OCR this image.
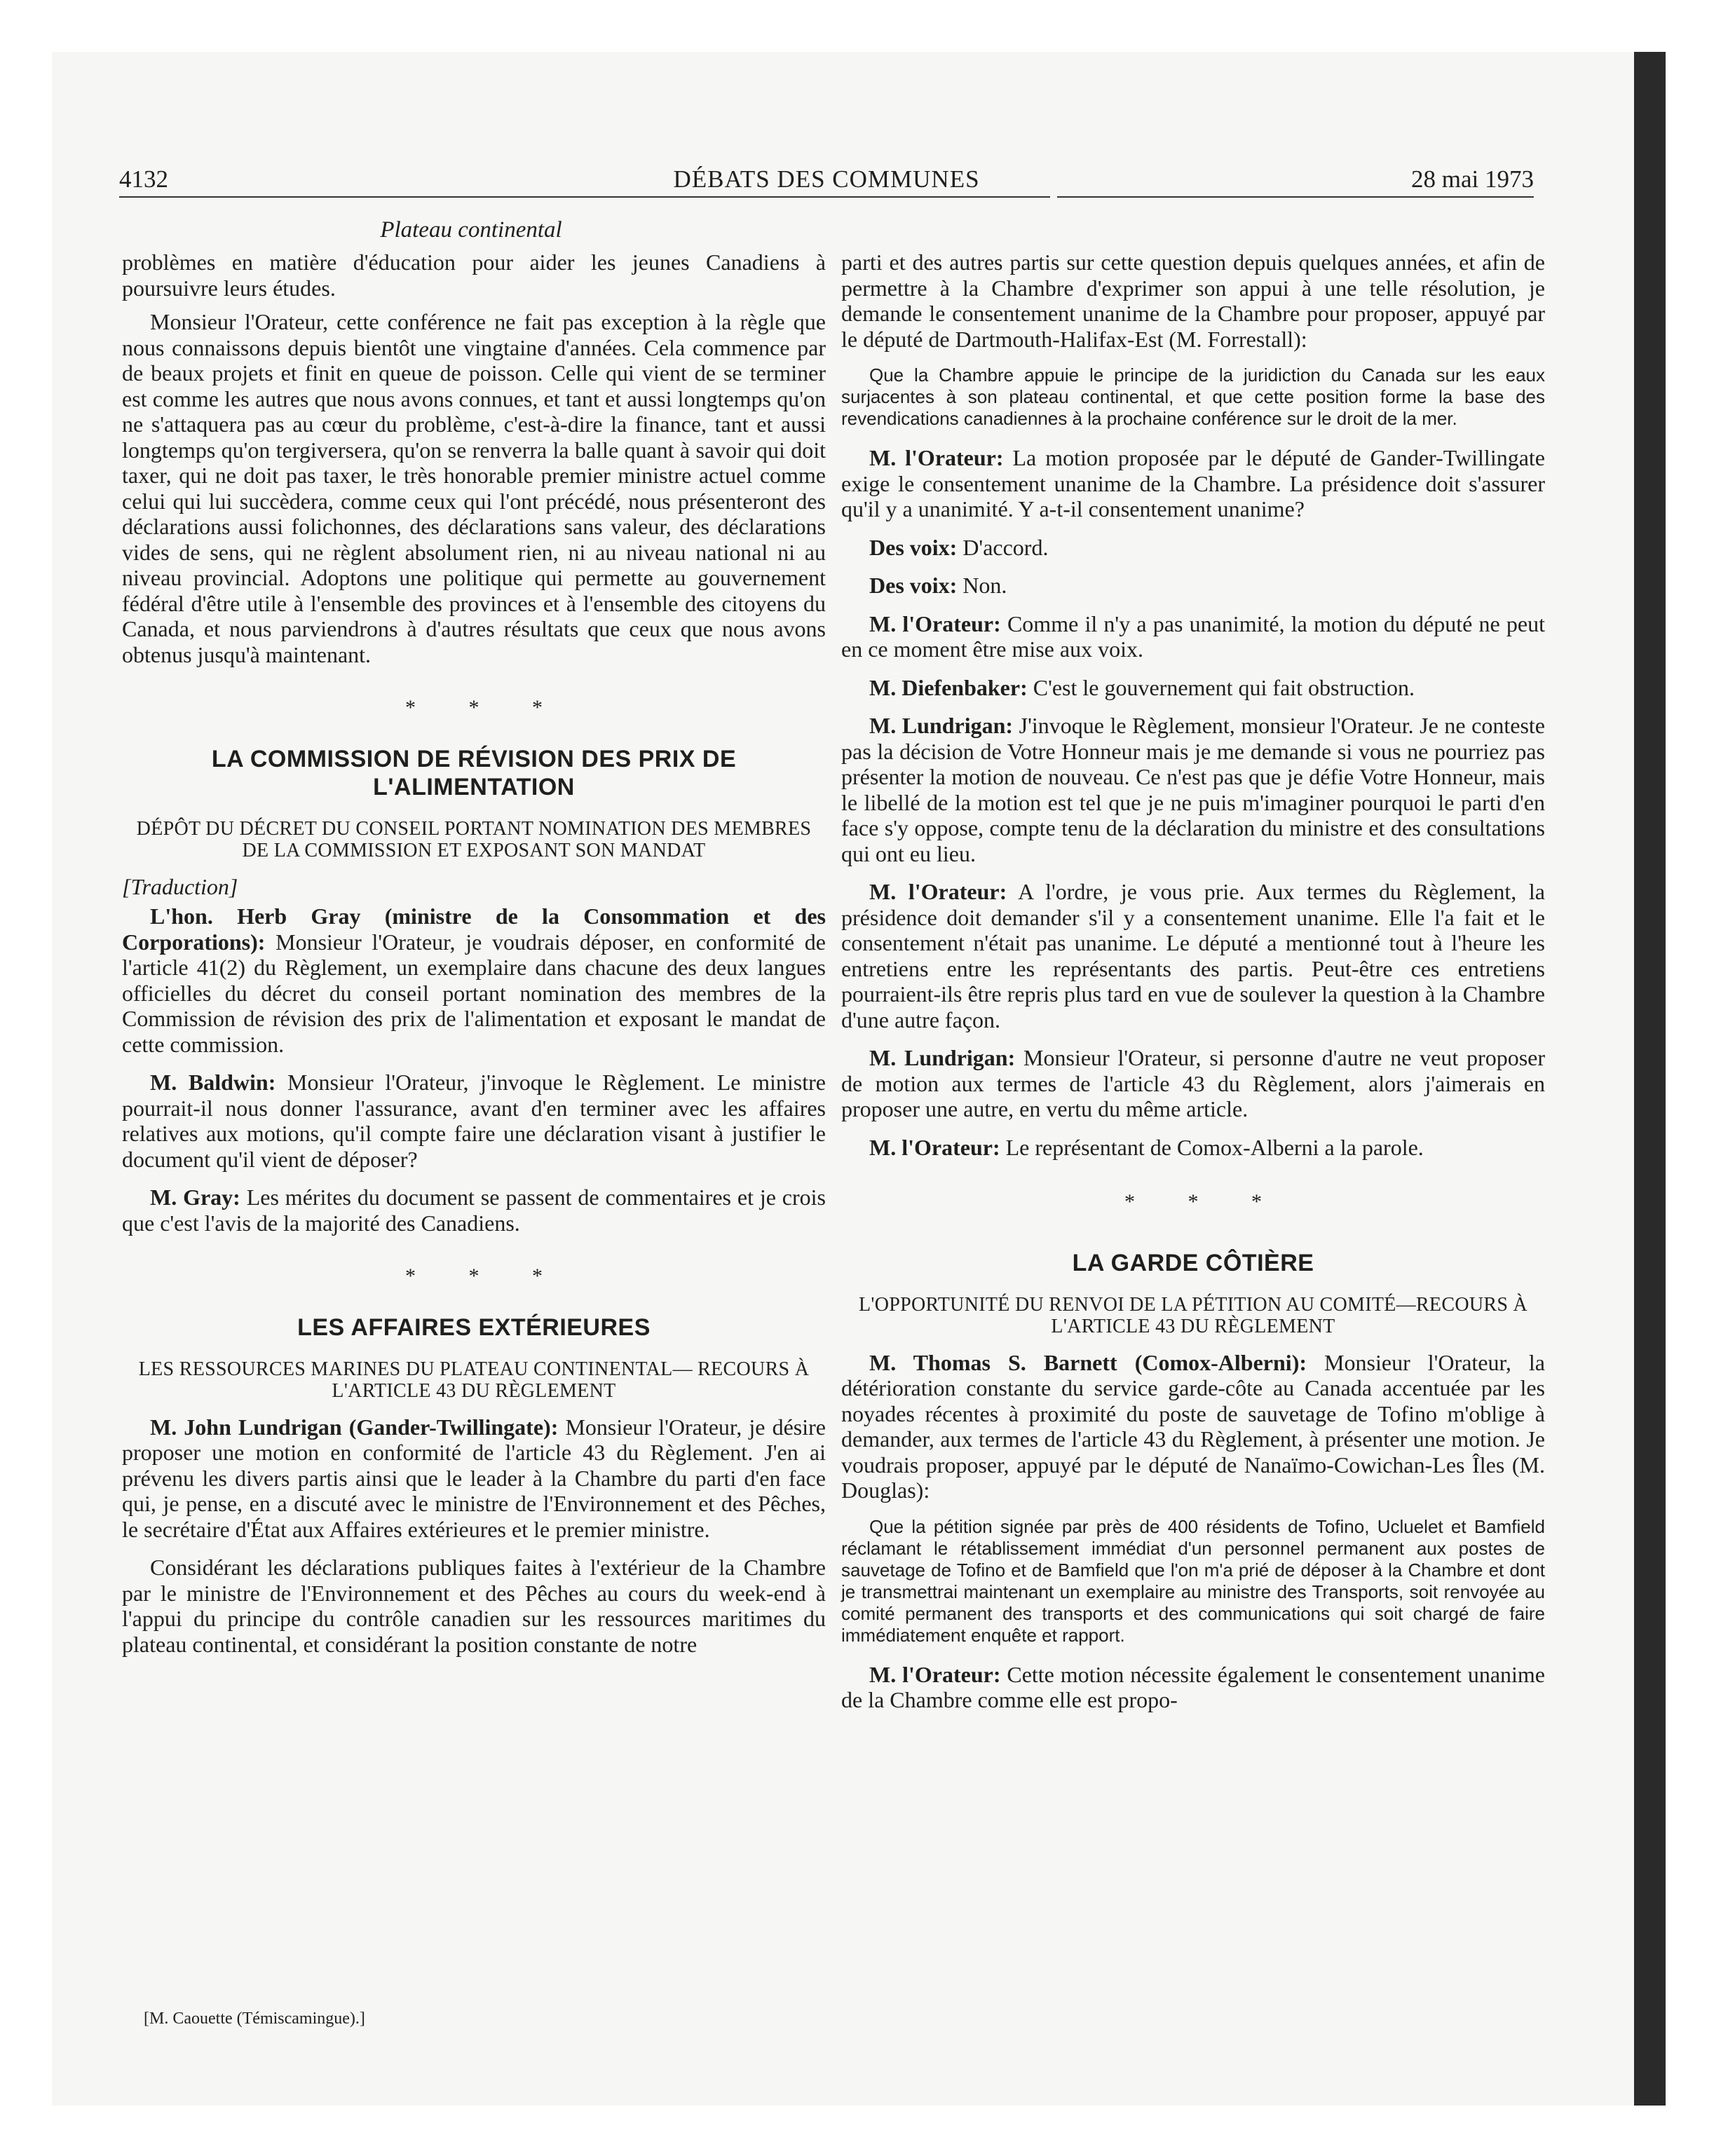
4132	DÉBATS DES COMMUNES	28 mai 1973
Plateau continental

problèmes en matière d'éducation pour aider les jeunes Canadiens à poursuivre leurs études.

Monsieur l'Orateur, cette conférence ne fait pas exception à la règle que nous connaissons depuis bientôt une vingtaine d'années. Cela commence par de beaux projets et finit en queue de poisson. Celle qui vient de se terminer est comme les autres que nous avons connues, et tant et aussi longtemps qu'on ne s'attaquera pas au cœur du problème, c'est-à-dire la finance, tant et aussi longtemps qu'on tergiversera, qu'on se renverra la balle quant à savoir qui doit taxer, qui ne doit pas taxer, le très honorable premier ministre actuel comme celui qui lui succèdera, comme ceux qui l'ont précédé, nous présenteront des déclarations aussi folichonnes, des déclarations sans valeur, des déclarations vides de sens, qui ne règlent absolument rien, ni au niveau national ni au niveau provincial. Adoptons une politique qui permette au gouvernement fédéral d'être utile à l'ensemble des provinces et à l'ensemble des citoyens du Canada, et nous parviendrons à d'autres résultats que ceux que nous avons obtenus jusqu'à maintenant.

* * *
LA COMMISSION DE RÉVISION DES PRIX DE L'ALIMENTATION
DÉPÔT DU DÉCRET DU CONSEIL PORTANT NOMINATION DES MEMBRES DE LA COMMISSION ET EXPOSANT SON MANDAT
[Traduction]

L'hon. Herb Gray (ministre de la Consommation et des Corporations): Monsieur l'Orateur, je voudrais déposer, en conformité de l'article 41(2) du Règlement, un exemplaire dans chacune des deux langues officielles du décret du conseil portant nomination des membres de la Commission de révision des prix de l'alimentation et exposant le mandat de cette commission.

M. Baldwin: Monsieur l'Orateur, j'invoque le Règlement. Le ministre pourrait-il nous donner l'assurance, avant d'en terminer avec les affaires relatives aux motions, qu'il compte faire une déclaration visant à justifier le document qu'il vient de déposer?

M. Gray: Les mérites du document se passent de commentaires et je crois que c'est l'avis de la majorité des Canadiens.

* * *
LES AFFAIRES EXTÉRIEURES
LES RESSOURCES MARINES DU PLATEAU CONTINENTAL— RECOURS À L'ARTICLE 43 DU RÈGLEMENT

M. John Lundrigan (Gander-Twillingate): Monsieur l'Orateur, je désire proposer une motion en conformité de l'article 43 du Règlement. J'en ai prévenu les divers partis ainsi que le leader à la Chambre du parti d'en face qui, je pense, en a discuté avec le ministre de l'Environnement et des Pêches, le secrétaire d'État aux Affaires extérieures et le premier ministre.

Considérant les déclarations publiques faites à l'extérieur de la Chambre par le ministre de l'Environnement et des Pêches au cours du week-end à l'appui du principe du contrôle canadien sur les ressources maritimes du plateau continental, et considérant la position constante de notre

parti et des autres partis sur cette question depuis quelques années, et afin de permettre à la Chambre d'exprimer son appui à une telle résolution, je demande le consentement unanime de la Chambre pour proposer, appuyé par le député de Dartmouth-Halifax-Est (M. Forrestall):

Que la Chambre appuie le principe de la juridiction du Canada sur les eaux surjacentes à son plateau continental, et que cette position forme la base des revendications canadiennes à la prochaine conférence sur le droit de la mer.

M. l'Orateur: La motion proposée par le député de Gander-Twillingate exige le consentement unanime de la Chambre. La présidence doit s'assurer qu'il y a unanimité. Y a-t-il consentement unanime?

Des voix: D'accord.

Des voix: Non.

M. l'Orateur: Comme il n'y a pas unanimité, la motion du député ne peut en ce moment être mise aux voix.

M. Diefenbaker: C'est le gouvernement qui fait obstruction.

M. Lundrigan: J'invoque le Règlement, monsieur l'Orateur. Je ne conteste pas la décision de Votre Honneur mais je me demande si vous ne pourriez pas présenter la motion de nouveau. Ce n'est pas que je défie Votre Honneur, mais le libellé de la motion est tel que je ne puis m'imaginer pourquoi le parti d'en face s'y oppose, compte tenu de la déclaration du ministre et des consultations qui ont eu lieu.

M. l'Orateur: A l'ordre, je vous prie. Aux termes du Règlement, la présidence doit demander s'il y a consentement unanime. Elle l'a fait et le consentement n'était pas unanime. Le député a mentionné tout à l'heure les entretiens entre les représentants des partis. Peut-être ces entretiens pourraient-ils être repris plus tard en vue de soulever la question à la Chambre d'une autre façon.

M. Lundrigan: Monsieur l'Orateur, si personne d'autre ne veut proposer de motion aux termes de l'article 43 du Règlement, alors j'aimerais en proposer une autre, en vertu du même article.

M. l'Orateur: Le représentant de Comox-Alberni a la parole.

* * *
LA GARDE CÔTIÈRE
L'OPPORTUNITÉ DU RENVOI DE LA PÉTITION AU COMITÉ—RECOURS À L'ARTICLE 43 DU RÈGLEMENT

M. Thomas S. Barnett (Comox-Alberni): Monsieur l'Orateur, la détérioration constante du service garde-côte au Canada accentuée par les noyades récentes à proximité du poste de sauvetage de Tofino m'oblige à demander, aux termes de l'article 43 du Règlement, à présenter une motion. Je voudrais proposer, appuyé par le député de Nanaïmo-Cowichan-Les Îles (M. Douglas):

Que la pétition signée par près de 400 résidents de Tofino, Ucluelet et Bamfield réclamant le rétablissement immédiat d'un personnel permanent aux postes de sauvetage de Tofino et de Bamfield que l'on m'a prié de déposer à la Chambre et dont je transmettrai maintenant un exemplaire au ministre des Transports, soit renvoyée au comité permanent des transports et des communications qui soit chargé de faire immédiatement enquête et rapport.

M. l'Orateur: Cette motion nécessite également le consentement unanime de la Chambre comme elle est propo-

[M. Caouette (Témiscamingue).]
